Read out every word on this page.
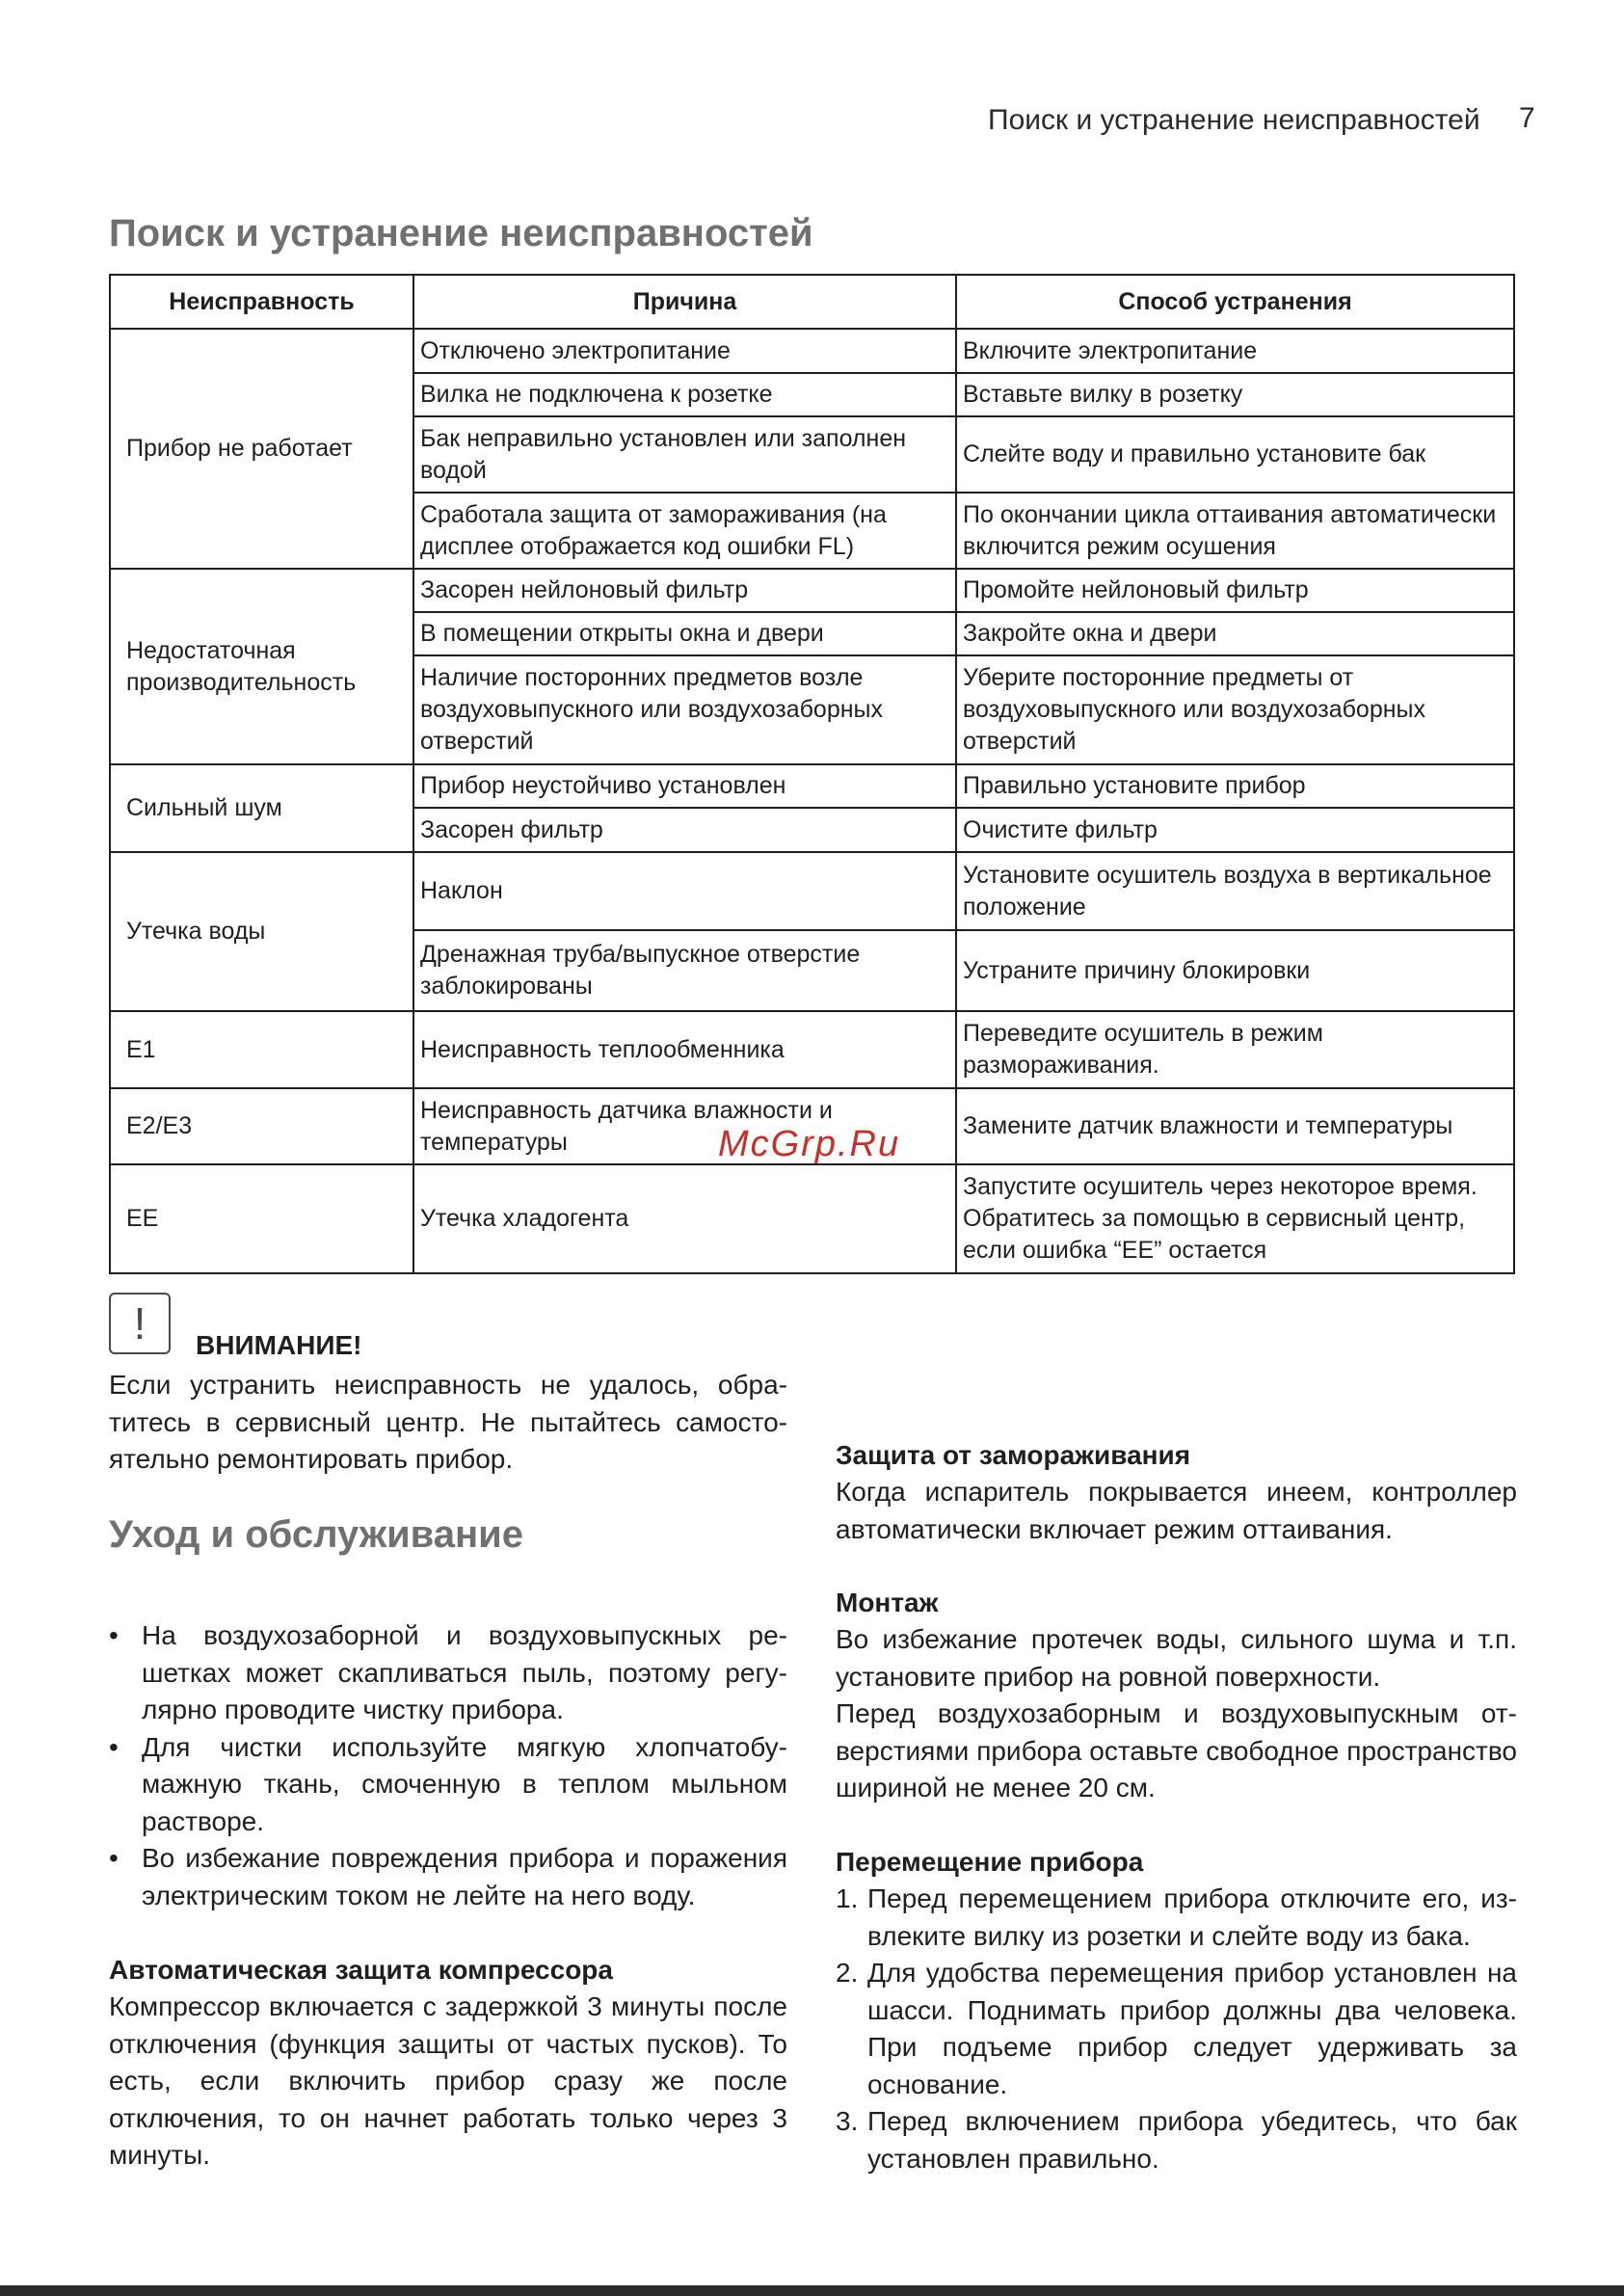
Поиск и устранение неисправностей 7
Поиск и устранение неисправностей
Неисправность	Причина	Способ устранения
Прибор не работает	Отключено электропитание	Включите электропитание
	Вилка не подключена к розетке	Вставьте вилку в розетку
	Бак неправильно установлен или заполнен водой	Слейте воду и правильно установите бак
	Сработала защита от замораживания (на дисплее отображается код ошибки FL)	По окончании цикла оттаивания автоматически включится режим осушения
Недостаточная производительность	Засорен нейлоновый фильтр	Промойте нейлоновый фильтр
	В помещении открыты окна и двери	Закройте окна и двери
	Наличие посторонних предметов возле воздуховыпускного или воздухозаборных отверстий	Уберите посторонние предметы от воздуховыпускного или воздухозаборных отверстий
Сильный шум	Прибор неустойчиво установлен	Правильно установите прибор
	Засорен фильтр	Очистите фильтр
Утечка воды	Наклон	Установите осушитель воздуха в вертикальное положение
	Дренажная труба/выпускное отверстие заблокированы	Устраните причину блокировки
E1	Неисправность теплообменника	Переведите осушитель в режим размораживания.
E2/E3	Неисправность датчика влажности и температуры	Замените датчик влажности и температуры
EE	Утечка хладогента	Запустите осушитель через некоторое время. Обратитесь за помощью в сервисный центр, если ошибка “EE” остается
McGrp.Ru
!	ВНИМАНИЕ!
Если устранить неисправность не удалось, обратитесь в сервисный центр. Не пытайтесь самостоятельно ремонтировать прибор.
Уход и обслуживание
• На воздухозаборной и воздуховыпускных решетках может скапливаться пыль, поэтому регулярно проводите чистку прибора.
• Для чистки используйте мягкую хлопчатобумажную ткань, смоченную в теплом мыльном растворе.
• Во избежание повреждения прибора и поражения электрическим током не лейте на него воду.
Автоматическая защита компрессора
Компрессор включается с задержкой 3 минуты после отключения (функция защиты от частых пусков). То есть, если включить прибор сразу же после отключения, то он начнет работать только через 3 минуты.
Защита от замораживания
Когда испаритель покрывается инеем, контроллер автоматически включает режим оттаивания.
Монтаж
Во избежание протечек воды, сильного шума и т.п. установите прибор на ровной поверхности.
Перед воздухозаборным и воздуховыпускным отверстиями прибора оставьте свободное пространство шириной не менее 20 см.
Перемещение прибора
1. Перед перемещением прибора отключите его, извлеките вилку из розетки и слейте воду из бака.
2. Для удобства перемещения прибор установлен на шасси. Поднимать прибор должны два человека. При подъеме прибор следует удерживать за основание.
3. Перед включением прибора убедитесь, что бак установлен правильно.
